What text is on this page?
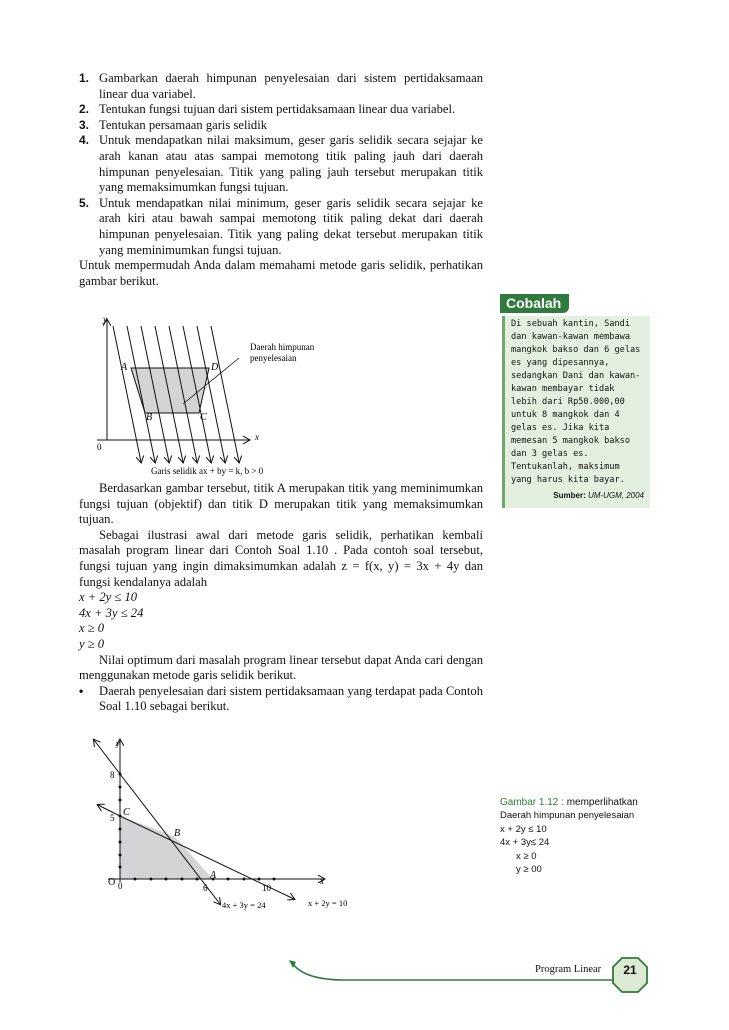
1. Gambarkan daerah himpunan penyelesaian dari sistem pertidaksamaan linear dua variabel.
2. Tentukan fungsi tujuan dari sistem pertidaksamaan linear dua variabel.
3. Tentukan persamaan garis selidik
4. Untuk mendapatkan nilai maksimum, geser garis selidik secara sejajar ke arah kanan atau atas sampai memotong titik paling jauh dari daerah himpunan penyelesaian. Titik yang paling jauh tersebut merupakan titik yang memaksimumkan fungsi tujuan.
5. Untuk mendapatkan nilai minimum, geser garis selidik secara sejajar ke arah kiri atau bawah sampai memotong titik paling dekat dari daerah himpunan penyelesaian. Titik yang paling dekat tersebut merupakan titik yang meminimumkan fungsi tujuan.
Untuk mempermudah Anda dalam memahami metode garis selidik, perhatikan gambar berikut.
y
x
0
A	D
B	C
Daerah himpunan
penyelesaian
Garis selidik ax + by = k, b > 0
Berdasarkan gambar tersebut, titik A merupakan titik yang meminimumkan fungsi tujuan (objektif) dan titik D merupakan titik yang memaksimumkan tujuan.
Sebagai ilustrasi awal dari metode garis selidik, perhatikan kembali masalah program linear dari Contoh Soal 1.10 . Pada contoh soal tersebut, fungsi tujuan yang ingin dimaksimumkan adalah z = f(x, y) = 3x + 4y dan fungsi kendalanya adalah
x + 2y ≤ 10
4x + 3y ≤ 24
x ≥ 0
y ≥ 0
Nilai optimum dari masalah program linear tersebut dapat Anda cari dengan menggunakan metode garis selidik berikut.
• Daerah penyelesaian dari sistem pertidaksamaan yang terdapat pada Contoh Soal 1.10 sebagai berikut.
y
x
O
8
5
0	6	10
C
B
A
4x + 3y = 24	x + 2y = 10
Cobalah
Di sebuah kantin, Sandi dan kawan-kawan membawa mangkok bakso dan 6 gelas es yang dipesannya, sedangkan Dani dan kawan-kawan membayar tidak lebih dari Rp50.000,00 untuk 8 mangkok dan 4 gelas es. Jika kita memesan 5 mangkok bakso dan 3 gelas es. Tentukanlah, maksimum yang harus kita bayar.
Sumber: UM-UGM, 2004
Gambar 1.12 : memperlihatkan
Daerah himpunan penyelesaian
x + 2y ≤ 10
4x + 3y≤ 24
x ≥ 0
y ≥ 00
Program Linear	21
